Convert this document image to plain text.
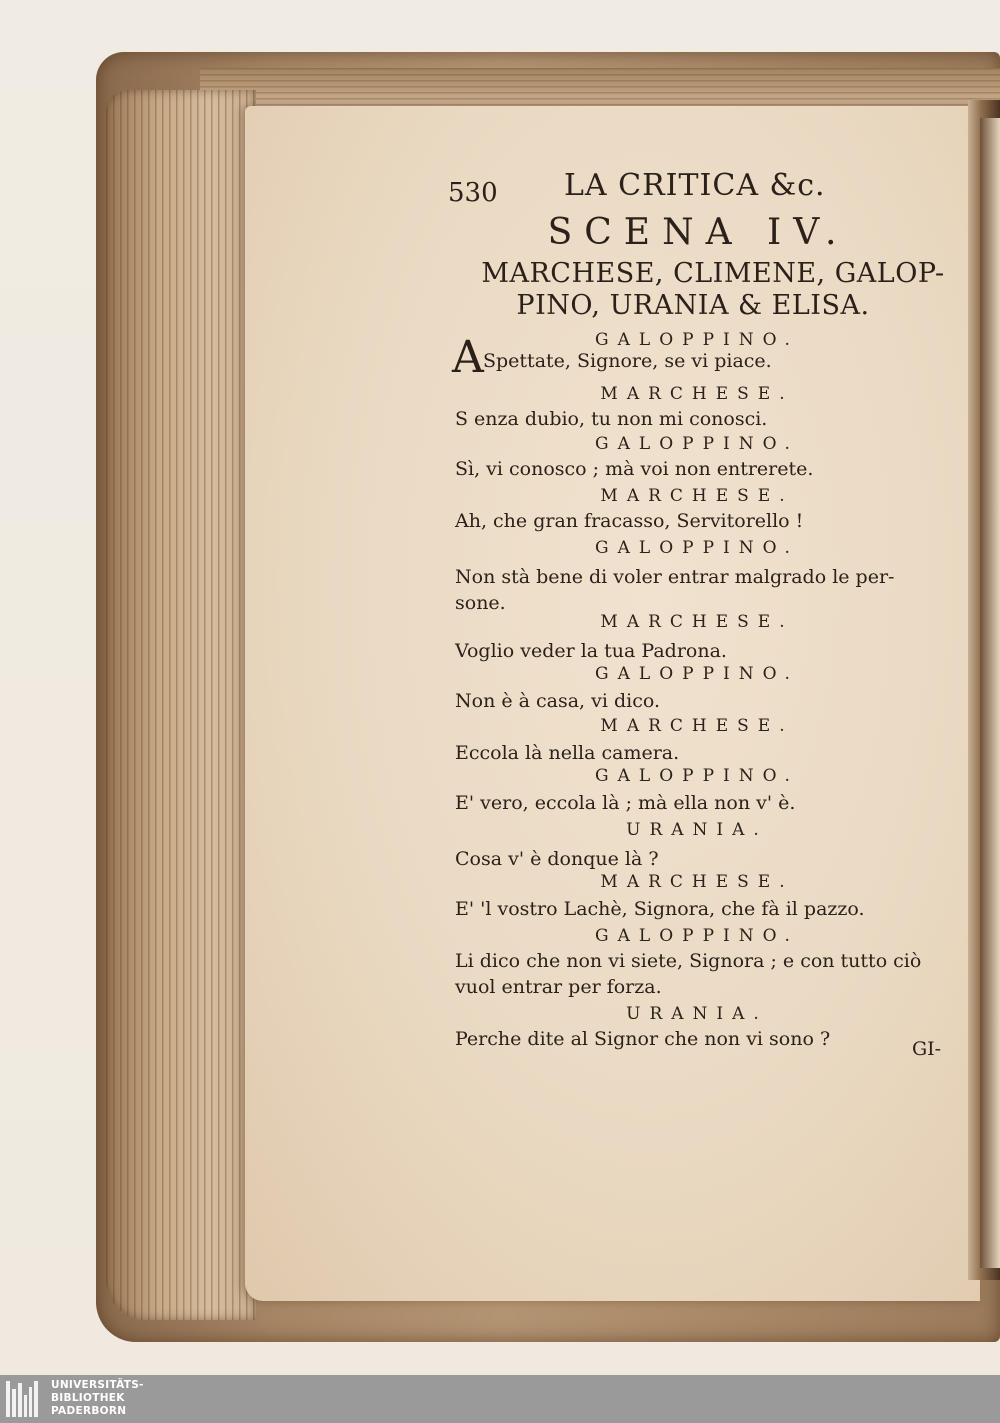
530 LA CRITICA &c.
SCENA IV.
MARCHESE, CLIMENE, GALOP-
PINO, URANIA & ELISA.
GALOPPINO.
A Spettate, Signore, se vi piace.
MARCHESE.
S enza dubio, tu non mi conosci.
GALOPPINO.
Sì, vi conosco ; mà voi non entrerete.
MARCHESE.
Ah, che gran fracasso, Servitorello !
GALOPPINO.
Non stà bene di voler entrar malgrado le per-
sone.
MARCHESE.
Voglio veder la tua Padrona.
GALOPPINO.
Non è à casa, vi dico.
MARCHESE.
Eccola là nella camera.
GALOPPINO.
E' vero, eccola là ; mà ella non v' è.
URANIA.
Cosa v' è donque là ?
MARCHESE.
E' 'l vostro Lachè, Signora, che fà il pazzo.
GALOPPINO.
Li dico che non vi siete, Signora ; e con tutto ciò
vuol entrar per forza.
URANIA.
Perche dite al Signor che non vi sono ?	GI-
UNIVERSITÄTS-
BIBLIOTHEK
PADERBORN
